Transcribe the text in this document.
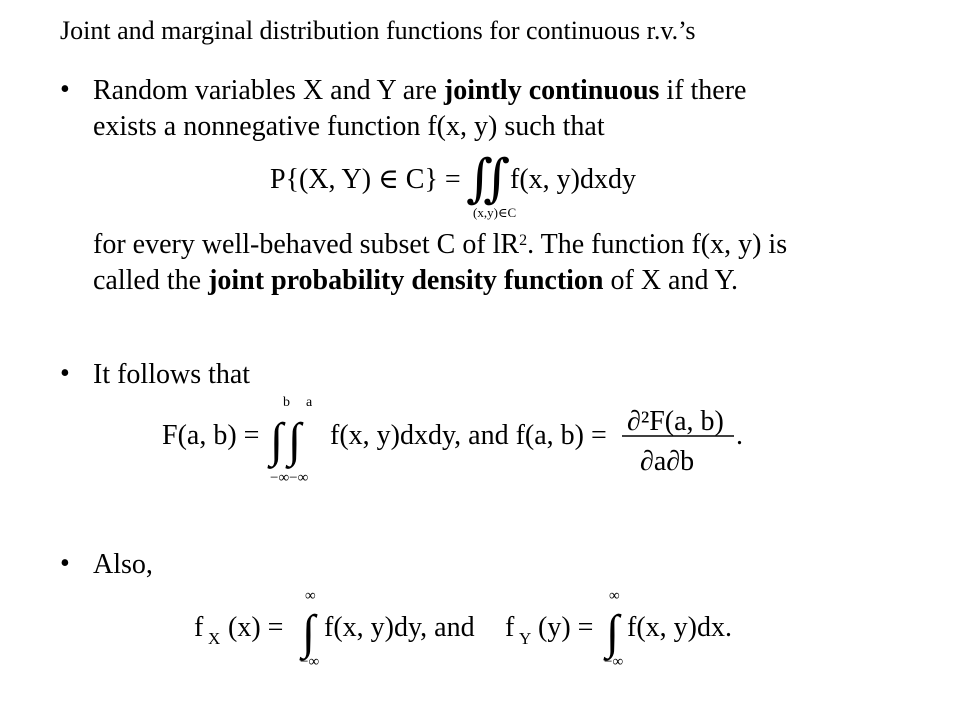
Joint and marginal distribution functions for continuous r.v.’s
• Random variables X and Y are jointly continuous if there
exists a nonnegative function f(x, y) such that
P{(X, Y) ∈ C} = ∬ f(x, y)dxdy
(x,y)∈C
for every well-behaved subset C of $lR^2$. The function f(x, y) is
called the joint probability density function of X and Y.
• It follows that
F(a, b) = ∫ ∫
b a
−∞−∞
f(x, y)dxdy, and f(a, b) = ∂²F(a, b)
∂a∂b
.
• Also,
f X (x) = ∫
∞
−∞
f(x, y)dy, and f Y (y) = ∫
∞
−∞
f(x, y)dx.
